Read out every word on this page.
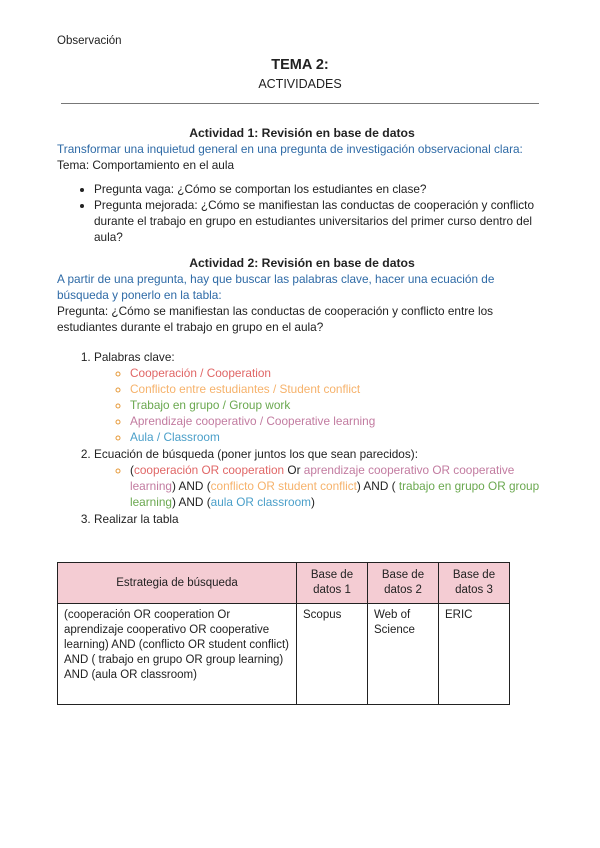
Observación
TEMA 2:
ACTIVIDADES

Actividad 1: Revisión en base de datos

Transformar una inquietud general en una pregunta de investigación observacional clara:

Tema: Comportamiento en el aula

• Pregunta vaga: ¿Cómo se comportan los estudiantes en clase?
• Pregunta mejorada: ¿Cómo se manifiestan las conductas de cooperación y conflicto durante el trabajo en grupo en estudiantes universitarios del primer curso dentro del aula?

Actividad 2: Revisión en base de datos

A partir de una pregunta, hay que buscar las palabras clave, hacer una ecuación de búsqueda y ponerlo en la tabla:

Pregunta: ¿Cómo se manifiestan las conductas de cooperación y conflicto entre los estudiantes durante el trabajo en grupo en el aula?

1. Palabras clave:
◦ Cooperación / Cooperation
◦ Conflicto entre estudiantes / Student conflict
◦ Trabajo en grupo / Group work
◦ Aprendizaje cooperativo / Cooperative learning
◦ Aula / Classroom
2. Ecuación de búsqueda (poner juntos los que sean parecidos):
◦ (cooperación OR cooperation Or aprendizaje cooperativo OR cooperative learning) AND (conflicto OR student conflict) AND ( trabajo en grupo OR group learning) AND (aula OR classroom)
3. Realizar la tabla
Estrategia de búsqueda	Base de datos 1	Base de datos 2	Base de datos 3
(cooperación OR cooperation Or aprendizaje cooperativo OR cooperative learning) AND (conflicto OR student conflict) AND ( trabajo en grupo OR group learning) AND (aula OR classroom)	Scopus	Web of Science	ERIC
